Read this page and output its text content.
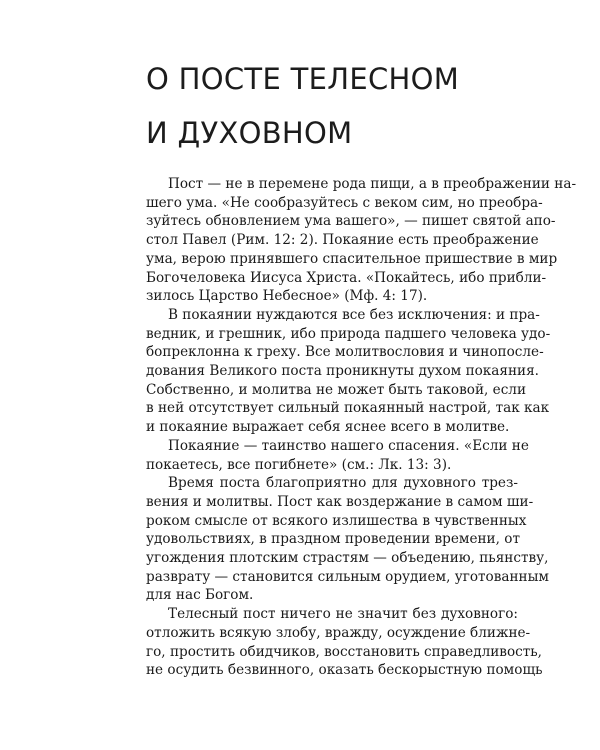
О ПОСТЕ ТЕЛЕСНОМ
И ДУХОВНОМ
Пост — не в перемене рода пищи, а в преображении на-
шего ума. «Не сообразуйтесь с веком сим, но преобра-
зуйтесь обновлением ума вашего», — пишет святой апо-
стол Павел (Рим. 12: 2). Покаяние есть преображение
ума, верою принявшего спасительное пришествие в мир
Богочеловека Иисуса Христа. «Покайтесь, ибо прибли-
зилось Царство Небесное» (Мф. 4: 17).
В покаянии нуждаются все без исключения: и пра-
ведник, и грешник, ибо природа падшего человека удо-
бопреклонна к греху. Все молитвословия и чинопосле-
дования Великого поста проникнуты духом покаяния.
Собственно, и молитва не может быть таковой, если
в ней отсутствует сильный покаянный настрой, так как
и покаяние выражает себя яснее всего в молитве.
Покаяние — таинство нашего спасения. «Если не
покаетесь, все погибнете» (см.: Лк. 13: 3).
Время поста благоприятно для духовного трез-
вения и молитвы. Пост как воздержание в самом ши-
роком смысле от всякого излишества в чувственных
удовольствиях, в праздном проведении времени, от
угождения плотским страстям — объедению, пьянству,
разврату — становится сильным орудием, уготованным
для нас Богом.
Телесный пост ничего не значит без духовного:
отложить всякую злобу, вражду, осуждение ближне-
го, простить обидчиков, восстановить справедливость,
не осудить безвинного, оказать бескорыстную помощь
